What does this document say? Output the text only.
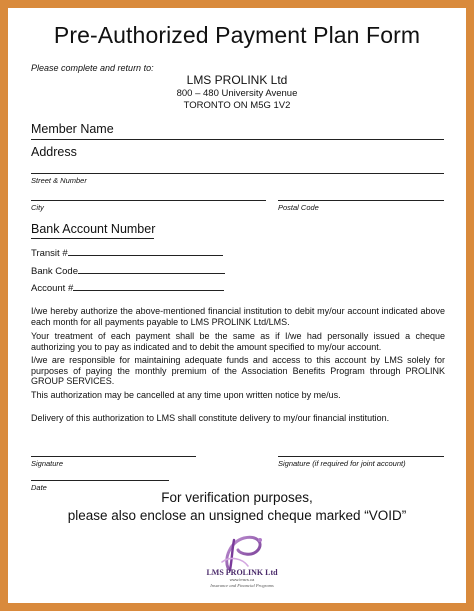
Pre-Authorized Payment Plan Form
Please complete and return to:
LMS PROLINK Ltd
800 – 480 University Avenue
TORONTO ON M5G 1V2
Member Name
Address
Street & Number
City	Postal Code
Bank Account Number
Transit #
Bank Code
Account #
I/we hereby authorize the above-mentioned financial institution to debit my/our account indicated above each month for all payments payable to LMS PROLINK Ltd/LMS.
Your treatment of each payment shall be the same as if I/we had personally issued a cheque authorizing you to pay as indicated and to debit the amount specified to my/our account.
I/we are responsible for maintaining adequate funds and access to this account by LMS solely for purposes of paying the monthly premium of the Association Benefits Program through PROLINK GROUP SERVICES.
This authorization may be cancelled at any time upon written notice by me/us.
Delivery of this authorization to LMS shall constitute delivery to my/our financial institution.
Signature	Signature (if required for joint account)
Date
For verification purposes,
please also enclose an unsigned cheque marked “VOID”
LMS PROLINK Ltd
www.lmsrs.ca
Insurance and Financial Programs
